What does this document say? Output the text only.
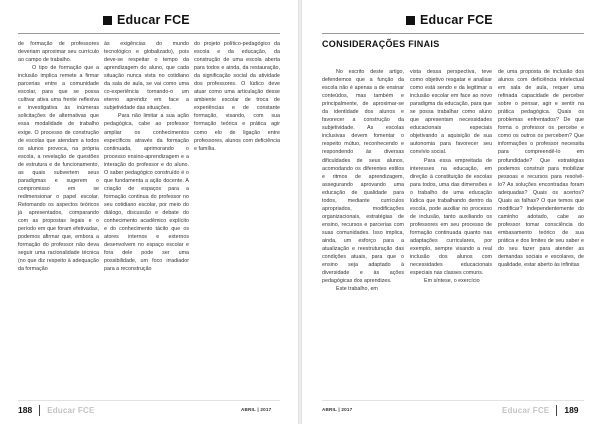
Educar FCE

de formação de professores deveriam aproximar seu currículo ao campo de trabalho.

O tipo de formação que a inclusão implica remete a firmar parcerias entre a comunidade escolar, para que se possa cultivar ativa uma frente reflexiva e investigativa às inúmeras solicitações de alternativas que essa modalidade de trabalho exige. O processo de construção de escolas que atendam a todos os alunos provoca, na própria escola, a revelação de questões de estrutura e de funcionamento, as quais subvertem seus paradigmas e sugerem o compromisso em se redimensionar o papel escolar. Retomando os aspectos teóricos já apresentados, comparando com as propostas legais e o período em que foram efetivadas, podemos afirmar que, embora a formação do professor não deva seguir uma racionalidade técnica (no que diz respeito à adequação da formação

às exigências do mundo tecnológico e globalizado), pois deve-se respeitar o tempo da aprendizagem do aluno, que cada situação nunca vista no cotidiano da sala de aula, se vai como uma co-experiência tornando-o um eterno aprendiz em face a subjetividade das situações.

Para não limitar a sua ação pedagógica, cabe ao professor ampliar os conhecimentos específicos através da formação continuada, aprimorando o processo ensino-aprendizagem e a interação do professor e do aluno. O saber pedagógico construído é o que fundamenta a ação docente. A criação de espaços para a formação continua do professor no seu cotidiano escolar, por meio do diálogo, discussão e debate do conhecimento acadêmico explícito e do conhecimento tácito que os atores internos e externos desenvolvem no espaço escolar e fora dele pode ser uma possibilidade, um foco irradiador para a reconstrução

do projeto político-pedagógico da escola e da educação, da construção de uma escola aberta para todos e ainda, da restauração, da significação social da atividade dos professores. O lúdico deve atuar como uma articulação desse ambiente escolar de troca de experiências e de constante formação, visando, com sua formação teórica e prática agir como elo de ligação entre professores, alunos com deficiência e família.

188 Educar FCE	ABRIL | 2017
Educar FCE
CONSIDERAÇÕES FINAIS

No escrito deste artigo, defendemos que a função da escola não é apenas a de ensinar conteúdos, mas também e principalmente, de aproximar-se da identidade dos alunos e favorecer a construção da subjetividade. As escolas inclusivas devem fomentar o respeito mútuo, reconhecendo e respondendo às diversas dificuldades de seus alunos, acomodando os diferentes estilos e ritmos de aprendizagem, assegurando aprovando uma educação de qualidade para todos, mediante currículos apropriados, modificações organizacionais, estratégias de ensino, recursos e parcerias com suas comunidades. Isso implica, ainda, um esforço para a atualização e reestruturação das condições atuais, para que o ensino seja adaptado à diversidade e às ações pedagógicas dos aprendizes.

Este trabalho, em

vista dessa perspectiva, teve como objetivo resgatar e analisar como está sendo e da legitimar a inclusão escolar em face ao novo paradigma da educação, para que se possa trabalhar como aluno que apresentam necessidades educacionais especiais objetivando a aquisição de sua autonomia para favorecer seu convívio social.

Para essa empreitada de interesses na educação, em direção à constituição de escolas para todos, uma das dimensões e o trabalho de uma educação lúdica que trabalhando dentro da escola, pode auxiliar no processo de inclusão, tanto auxiliando os professores em seu processo de formação continuada quanto nas adaptações curriculares, por exemplo, sempre visando a real inclusão dos alunos com necessidades educacionais especiais nas classes comuns.

Em síntese, o exercício

de uma proposta de inclusão dos alunos com deficiência intelectual em sala de aula, requer uma refinada capacidade de perceber sobre o pensar, agir e sentir na prática pedagógica. Quais os problemas enfrentados? De que forma o professor os percebe e como os outros os percebem? Que informações o professor necessita para compreendê-lo em profundidade? Que estratégias podemos construir para mobilizar pessoas e recursos para resolvê-lo? As soluções encontradas foram adequadas? Quais os acertos? Quais as falhas? O que temos que modificar? Independentemente do caminho adotado, cabe ao professor tomar consciência do embasamento teórico de sua prática e dos limites de seu saber e do seu fazer para atender as demandas sociais e escolares, de qualidade, estar aberto às infinitas

ABRIL | 2017	Educar FCE 189
